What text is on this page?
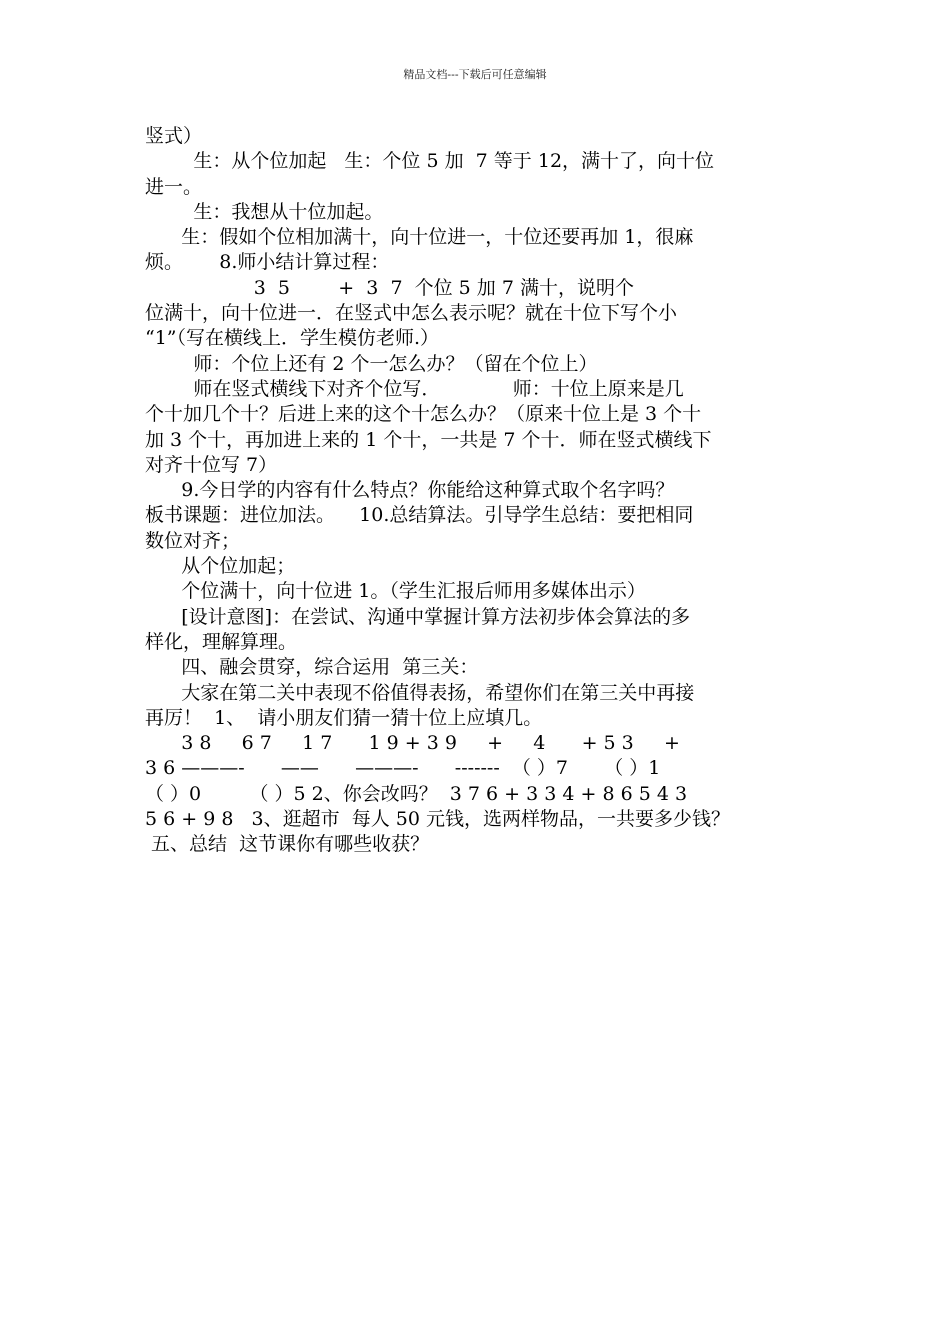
精品文档---下载后可任意编辑
竖式）
生：从个位加起   生：个位 5 加  7 等于 12，满十了，向十位
进一。
生：我想从十位加起。
生：假如个位相加满十，向十位进一，十位还要再加 1，很麻
烦。      8.师小结计算过程：
3  5        +  3  7  个位 5 加 7 满十，说明个
位满十，向十位进一．在竖式中怎么表示呢？就在十位下写个小
“1”（写在横线上．学生模仿老师.）
师：个位上还有 2 个一怎么办？（留在个位上）
师在竖式横线下对齐个位写．            师：十位上原来是几
个十加几个十？后进上来的这个十怎么办？（原来十位上是 3 个十
加 3 个十，再加进上来的 1 个十，一共是 7 个十．师在竖式横线下
对齐十位写 7）
9.今日学的内容有什么特点？你能给这种算式取个名字吗？
板书课题：进位加法。    10.总结算法。引导学生总结：要把相同
数位对齐；
从个位加起；
个位满十，向十位进 1。（学生汇报后师用多媒体出示）
[设计意图]：在尝试、沟通中掌握计算方法初步体会算法的多
样化，理解算理。
四、融会贯穿，综合运用  第三关：
大家在第二关中表现不俗值得表扬，希望你们在第三关中再接
再厉！  1、  请小朋友们猜一猜十位上应填几。
3 8     6 7     1 7      1 9 + 3 9     +     4      + 5 3     +
3 6 ———-      ——      ———-      -------  （ ）7      （ ）1
（ ）0        （ ）5 2、你会改吗？  3 7 6 + 3 3 4 + 8 6 5 4 3
5 6 + 9 8   3、逛超市  每人 50 元钱，选两样物品，一共要多少钱？
五、总结  这节课你有哪些收获？
